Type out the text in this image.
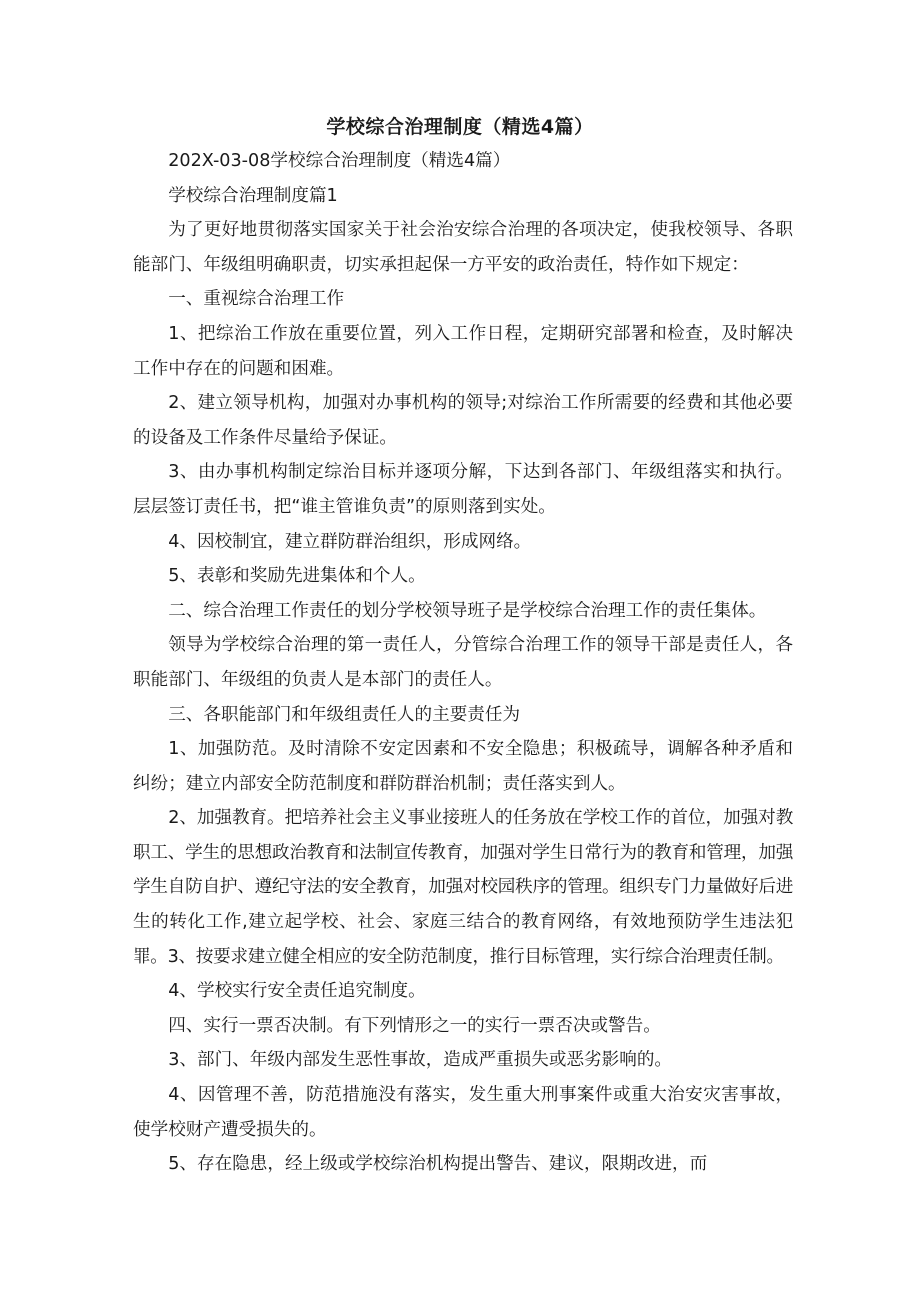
学校综合治理制度（精选4篇）

202X-03-08学校综合治理制度（精选4篇）

学校综合治理制度篇1

为了更好地贯彻落实国家关于社会治安综合治理的各项决定，使我校领导、各职能部门、年级组明确职责，切实承担起保一方平安的政治责任，特作如下规定：

一、重视综合治理工作

1、把综治工作放在重要位置，列入工作日程，定期研究部署和检查，及时解决工作中存在的问题和困难。

2、建立领导机构，加强对办事机构的领导;对综治工作所需要的经费和其他必要的设备及工作条件尽量给予保证。

3、由办事机构制定综治目标并逐项分解，下达到各部门、年级组落实和执行。层层签订责任书，把“谁主管谁负责”的原则落到实处。

4、因校制宜，建立群防群治组织，形成网络。

5、表彰和奖励先进集体和个人。

二、综合治理工作责任的划分学校领导班子是学校综合治理工作的责任集体。

领导为学校综合治理的第一责任人，分管综合治理工作的领导干部是责任人，各职能部门、年级组的负责人是本部门的责任人。

三、各职能部门和年级组责任人的主要责任为

1、加强防范。及时清除不安定因素和不安全隐患；积极疏导，调解各种矛盾和纠纷；建立内部安全防范制度和群防群治机制；责任落实到人。

2、加强教育。把培养社会主义事业接班人的任务放在学校工作的首位，加强对教职工、学生的思想政治教育和法制宣传教育，加强对学生日常行为的教育和管理，加强学生自防自护、遵纪守法的安全教育，加强对校园秩序的管理。组织专门力量做好后进生的转化工作,建立起学校、社会、家庭三结合的教育网络，有效地预防学生违法犯罪。3、按要求建立健全相应的安全防范制度，推行目标管理，实行综合治理责任制。

4、学校实行安全责任追究制度。

四、实行一票否决制。有下列情形之一的实行一票否决或警告。

3、部门、年级内部发生恶性事故，造成严重损失或恶劣影响的。

4、因管理不善，防范措施没有落实，发生重大刑事案件或重大治安灾害事故，使学校财产遭受损失的。

5、存在隐患，经上级或学校综治机构提出警告、建议，限期改进，而
